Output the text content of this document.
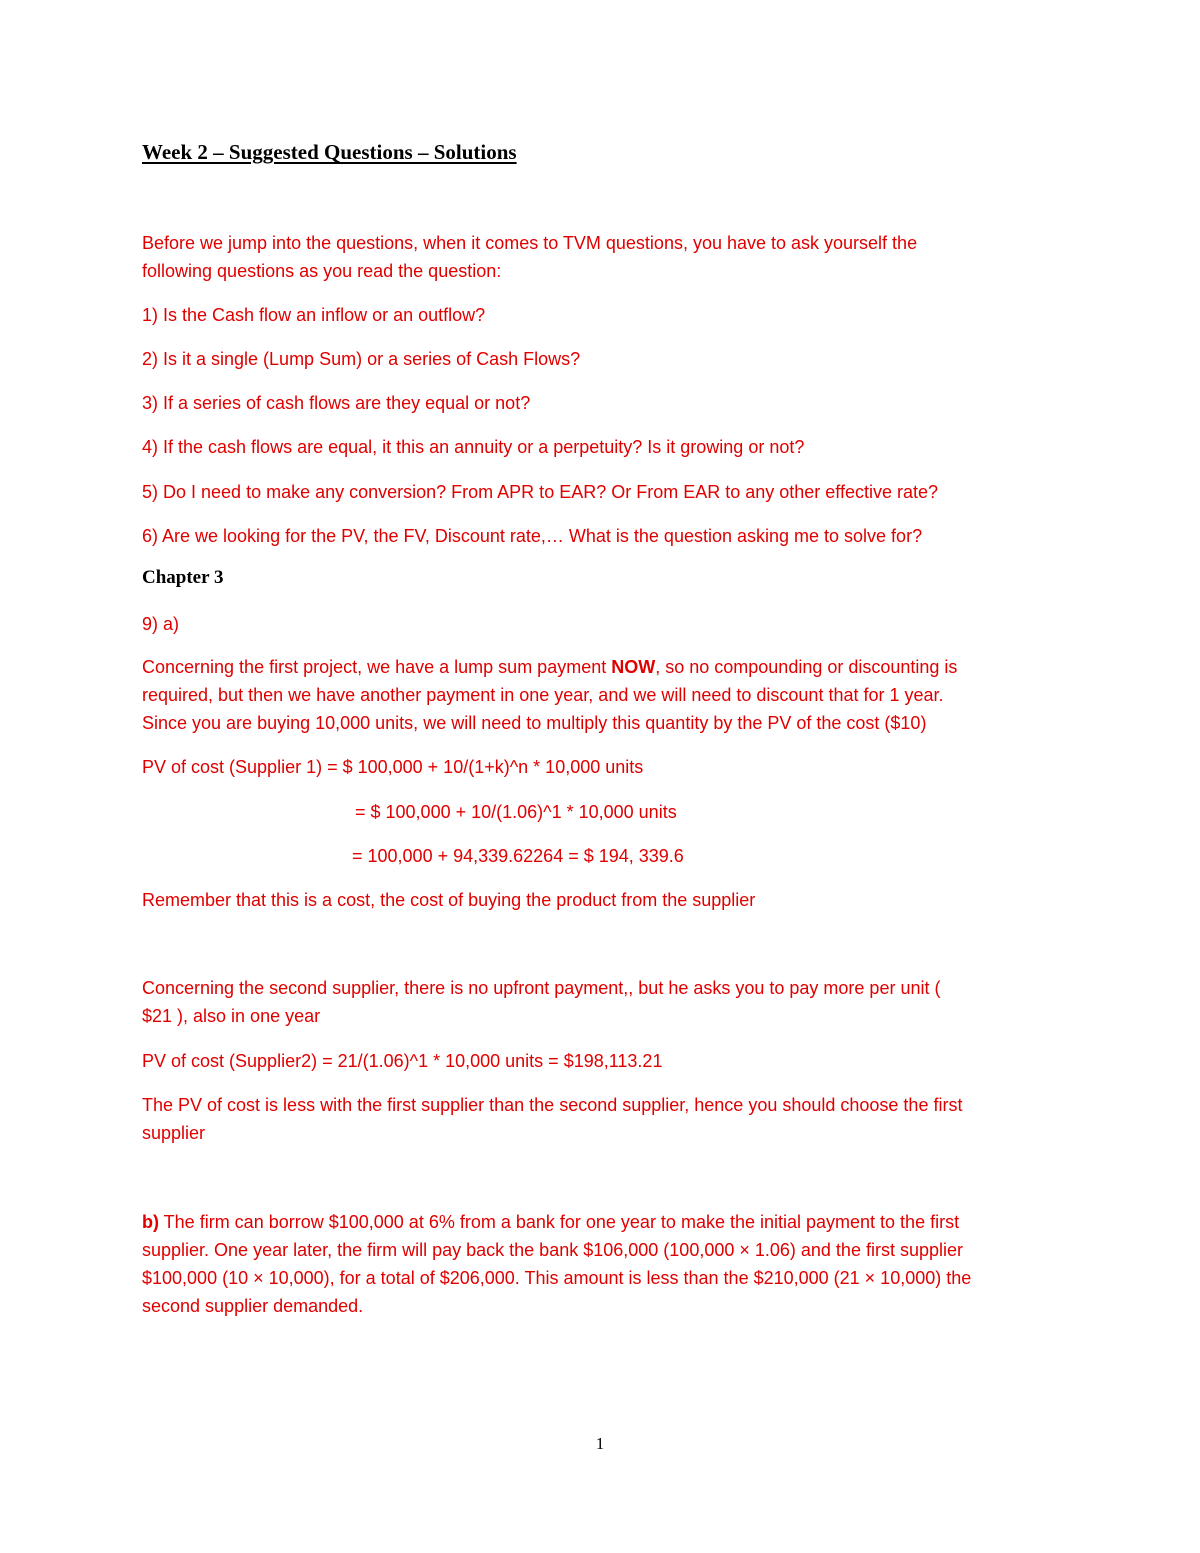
Week 2 – Suggested Questions – Solutions
Before we jump into the questions, when it comes to TVM questions, you have to ask yourself the
following questions as you read the question:
1) Is the Cash flow an inflow or an outflow?
2) Is it a single (Lump Sum) or a series of Cash Flows?
3) If a series of cash flows are they equal or not?
4) If the cash flows are equal, it this an annuity or a perpetuity? Is it growing or not?
5) Do I need to make any conversion? From APR to EAR? Or From EAR to any other effective rate?
6) Are we looking for the PV, the FV, Discount rate,… What is the question asking me to solve for?
Chapter 3
9) a)
Concerning the first project, we have a lump sum payment NOW, so no compounding or discounting is
required, but then we have another payment in one year, and we will need to discount that for 1 year.
Since you are buying 10,000 units, we will need to multiply this quantity by the PV of the cost ($10)
PV of cost (Supplier 1) = $ 100,000 + 10/(1+k)^n * 10,000 units
= $ 100,000 + 10/(1.06)^1 * 10,000 units
= 100,000 + 94,339.62264 = $ 194, 339.6
Remember that this is a cost, the cost of buying the product from the supplier
Concerning the second supplier, there is no upfront payment,, but he asks you to pay more per unit (
$21 ), also in one year
PV of cost (Supplier2) = 21/(1.06)^1 * 10,000 units = $198,113.21
The PV of cost is less with the first supplier than the second supplier, hence you should choose the first
supplier
b) The firm can borrow $100,000 at 6% from a bank for one year to make the initial payment to the first
supplier. One year later, the firm will pay back the bank $106,000 (100,000 × 1.06) and the first supplier
$100,000 (10 × 10,000), for a total of $206,000. This amount is less than the $210,000 (21 × 10,000) the
second supplier demanded.
1
